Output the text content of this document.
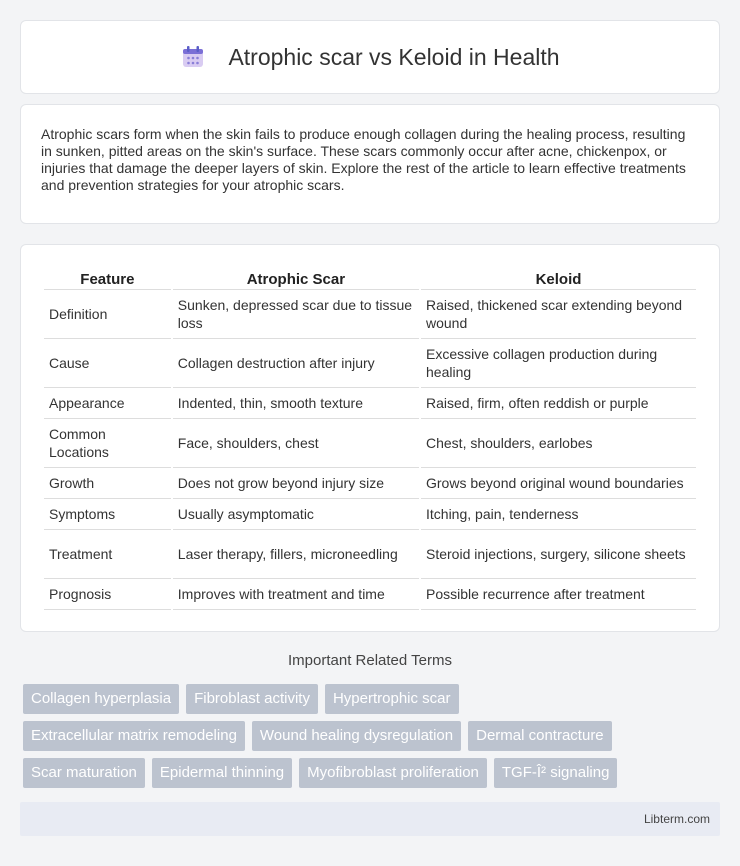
Atrophic scar vs Keloid in Health

Atrophic scars form when the skin fails to produce enough collagen during the healing process, resulting in sunken, pitted areas on the skin's surface. These scars commonly occur after acne, chickenpox, or injuries that damage the deeper layers of skin. Explore the rest of the article to learn effective treatments and prevention strategies for your atrophic scars.

Feature	Atrophic Scar	Keloid
Definition	Sunken, depressed scar due to tissue loss	Raised, thickened scar extending beyond wound
Cause	Collagen destruction after injury	Excessive collagen production during healing
Appearance	Indented, thin, smooth texture	Raised, firm, often reddish or purple
Common Locations	Face, shoulders, chest	Chest, shoulders, earlobes
Growth	Does not grow beyond injury size	Grows beyond original wound boundaries
Symptoms	Usually asymptomatic	Itching, pain, tenderness
Treatment	Laser therapy, fillers, microneedling	Steroid injections, surgery, silicone sheets
Prognosis	Improves with treatment and time	Possible recurrence after treatment
Important Related Terms
Collagen hyperplasia	Fibroblast activity	Hypertrophic scar
Extracellular matrix remodeling	Wound healing dysregulation	Dermal contracture
Scar maturation	Epidermal thinning	Myofibroblast proliferation	TGF-Î² signaling
Libterm.com
